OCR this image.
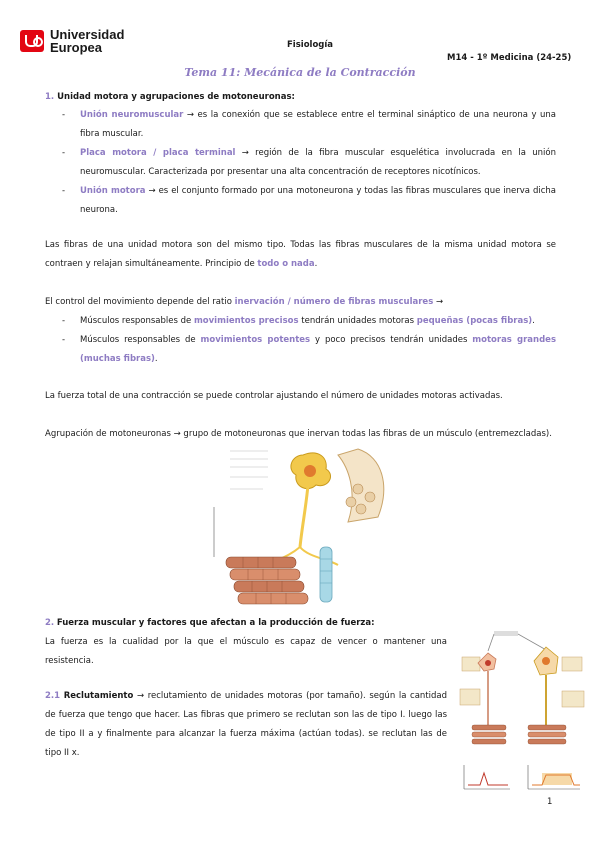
Universidad
Europea	Fisiología
M14 - 1º Medicina (24-25)
Tema 11: Mecánica de la Contracción
1. Unidad motora y agrupaciones de motoneuronas:
- Unión neuromuscular → es la conexión que se establece entre el terminal sináptico de una neurona y una fibra muscular.
- Placa motora / placa terminal → región de la fibra muscular esquelética involucrada en la unión neuromuscular. Caracterizada por presentar una alta concentración de receptores nicotínicos.
- Unión motora → es el conjunto formado por una motoneurona y todas las fibras musculares que inerva dicha neurona.
Las fibras de una unidad motora son del mismo tipo. Todas las fibras musculares de la misma unidad motora se contraen y relajan simultáneamente. Principio de todo o nada.
El control del movimiento depende del ratio inervación / número de fibras musculares →
- Músculos responsables de movimientos precisos tendrán unidades motoras pequeñas (pocas fibras).
- Músculos responsables de movimientos potentes y poco precisos tendrán unidades motoras grandes (muchas fibras).
La fuerza total de una contracción se puede controlar ajustando el número de unidades motoras activadas.
Agrupación de motoneuronas → grupo de motoneuronas que inervan todas las fibras de un músculo (entremezcladas).
2. Fuerza muscular y factores que afectan a la producción de fuerza:
La fuerza es la cualidad por la que el músculo es capaz de vencer o mantener una resistencia.
2.1 Reclutamiento → reclutamiento de unidades motoras (por tamaño). según la cantidad de fuerza que tengo que hacer. Las fibras que primero se reclutan son las de tipo I. luego las de tipo II a y finalmente para alcanzar la fuerza máxima (actúan todas). se reclutan las de tipo II x.
1
